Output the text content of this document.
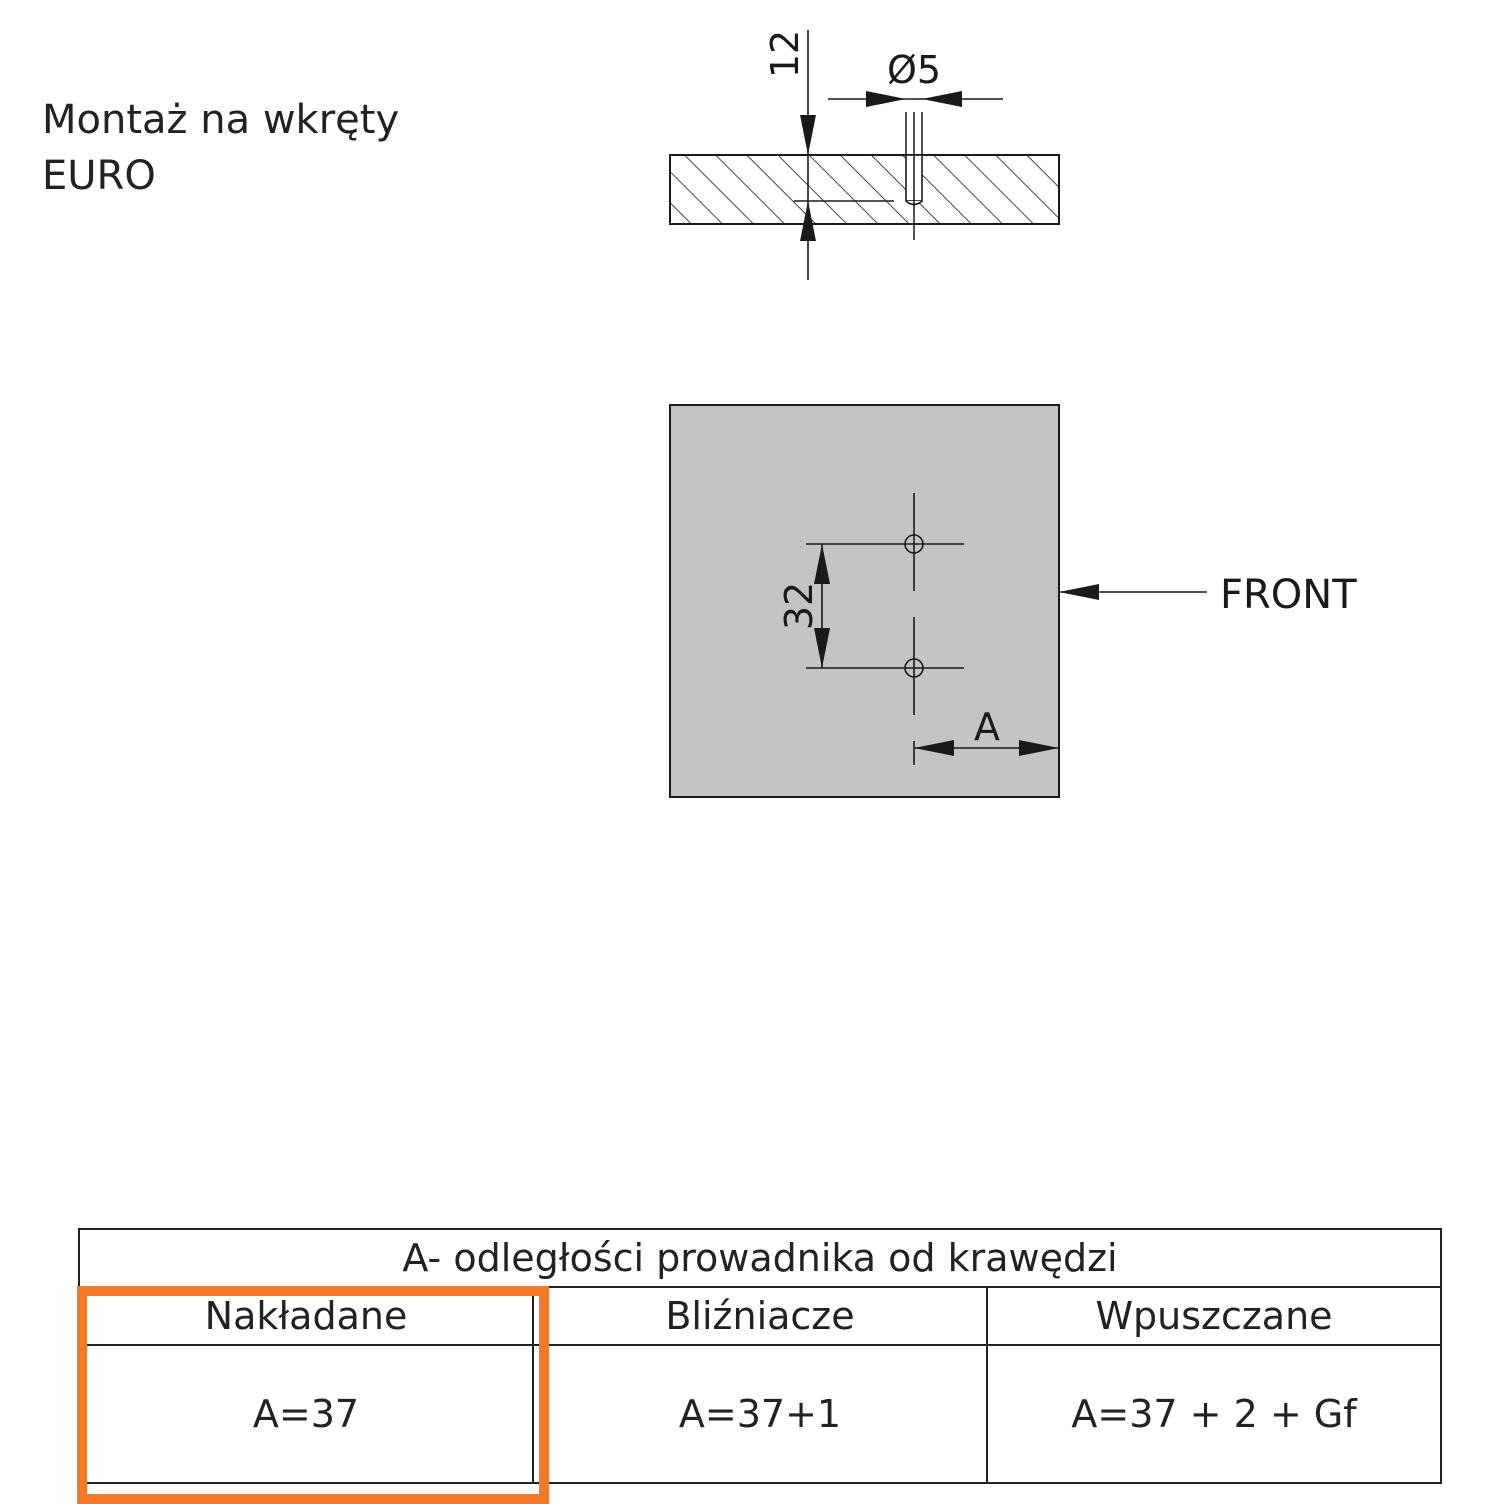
Montaż na wkręty
EURO
Ø5
12
32
A
FRONT
A- odległości prowadnika od krawędzi		
Nakładane	Bliźniacze	Wpuszczane
A=37	A=37+1	A=37 + 2 + Gf
